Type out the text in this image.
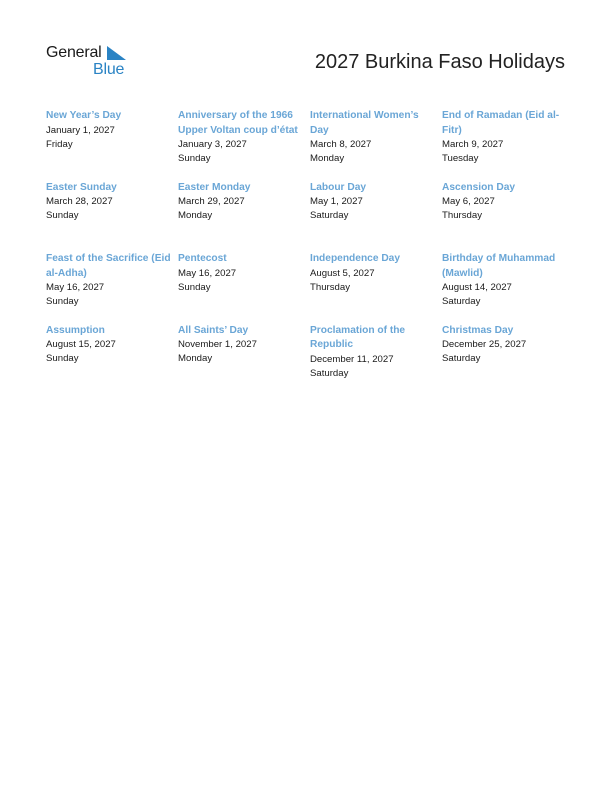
General
Blue	2027 Burkina Faso Holidays
New Year’s Day
January 1, 2027
Friday
Anniversary of the 1966 Upper Voltan coup d’état
January 3, 2027
Sunday
International Women’s Day
March 8, 2027
Monday
End of Ramadan (Eid al-Fitr)
March 9, 2027
Tuesday
Easter Sunday
March 28, 2027
Sunday
Easter Monday
March 29, 2027
Monday
Labour Day
May 1, 2027
Saturday
Ascension Day
May 6, 2027
Thursday
Feast of the Sacrifice (Eid al-Adha)
May 16, 2027
Sunday
Pentecost
May 16, 2027
Sunday
Independence Day
August 5, 2027
Thursday
Birthday of Muhammad (Mawlid)
August 14, 2027
Saturday
Assumption
August 15, 2027
Sunday
All Saints’ Day
November 1, 2027
Monday
Proclamation of the Republic
December 11, 2027
Saturday
Christmas Day
December 25, 2027
Saturday
